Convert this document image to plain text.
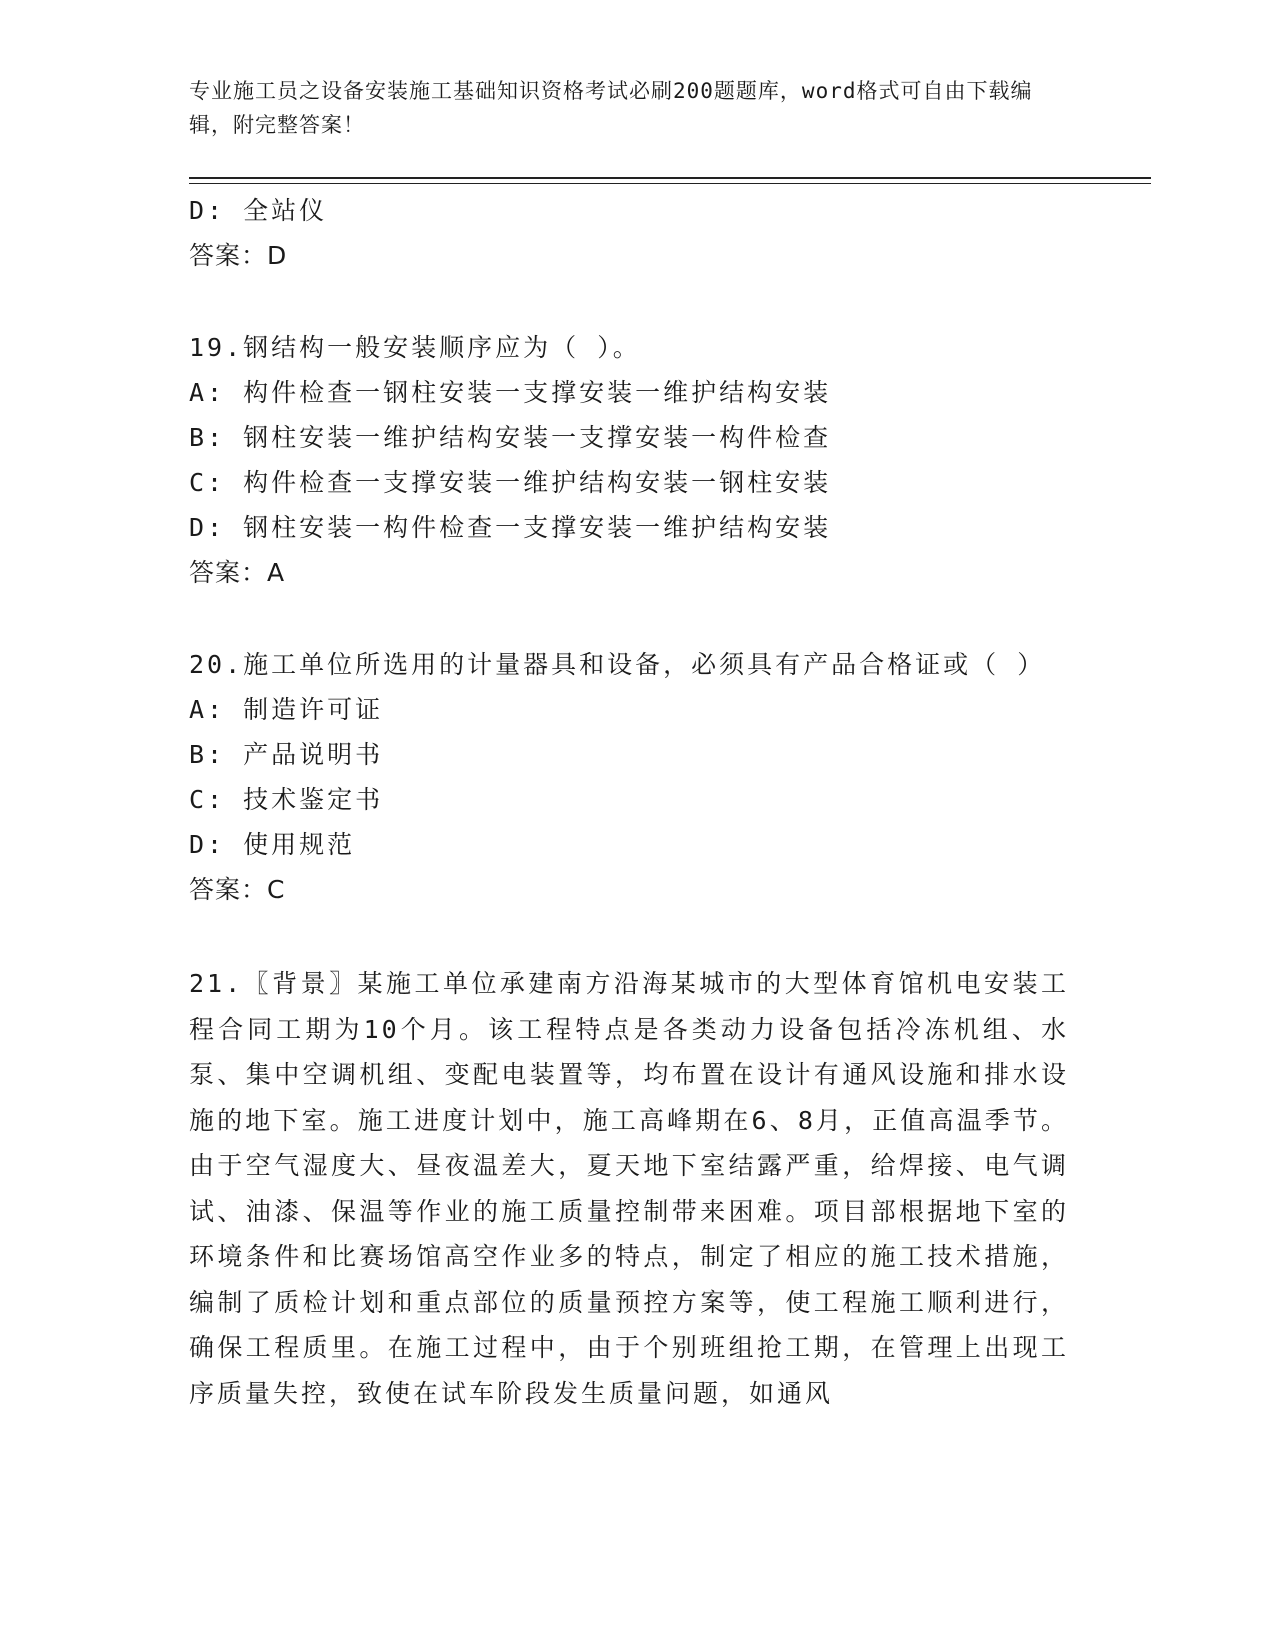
专业施工员之设备安装施工基础知识资格考试必刷200题题库，word格式可自由下载编辑，附完整答案！
D: 全站仪
答案：D
19.钢结构一般安装顺序应为（ ）。
A: 构件检查一钢柱安装一支撑安装一维护结构安装
B: 钢柱安装一维护结构安装一支撑安装一构件检查
C: 构件检查一支撑安装一维护结构安装一钢柱安装
D: 钢柱安装一构件检查一支撑安装一维护结构安装
答案：A
20.施工单位所选用的计量器具和设备，必须具有产品合格证或（ ）
A: 制造许可证
B: 产品说明书
C: 技术鉴定书
D: 使用规范
答案：C
21.〖背景〗某施工单位承建南方沿海某城市的大型体育馆机电安装工程合同工期为10个月。该工程特点是各类动力设备包括冷冻机组、水泵、集中空调机组、变配电装置等，均布置在设计有通风设施和排水设施的地下室。施工进度计划中，施工高峰期在6、8月，正值高温季节。由于空气湿度大、昼夜温差大，夏天地下室结露严重，给焊接、电气调试、油漆、保温等作业的施工质量控制带来困难。项目部根据地下室的环境条件和比赛场馆高空作业多的特点，制定了相应的施工技术措施，编制了质检计划和重点部位的质量预控方案等，使工程施工顺利进行，确保工程质里。在施工过程中，由于个别班组抢工期，在管理上出现工序质量失控，致使在试车阶段发生质量问题，如通风
